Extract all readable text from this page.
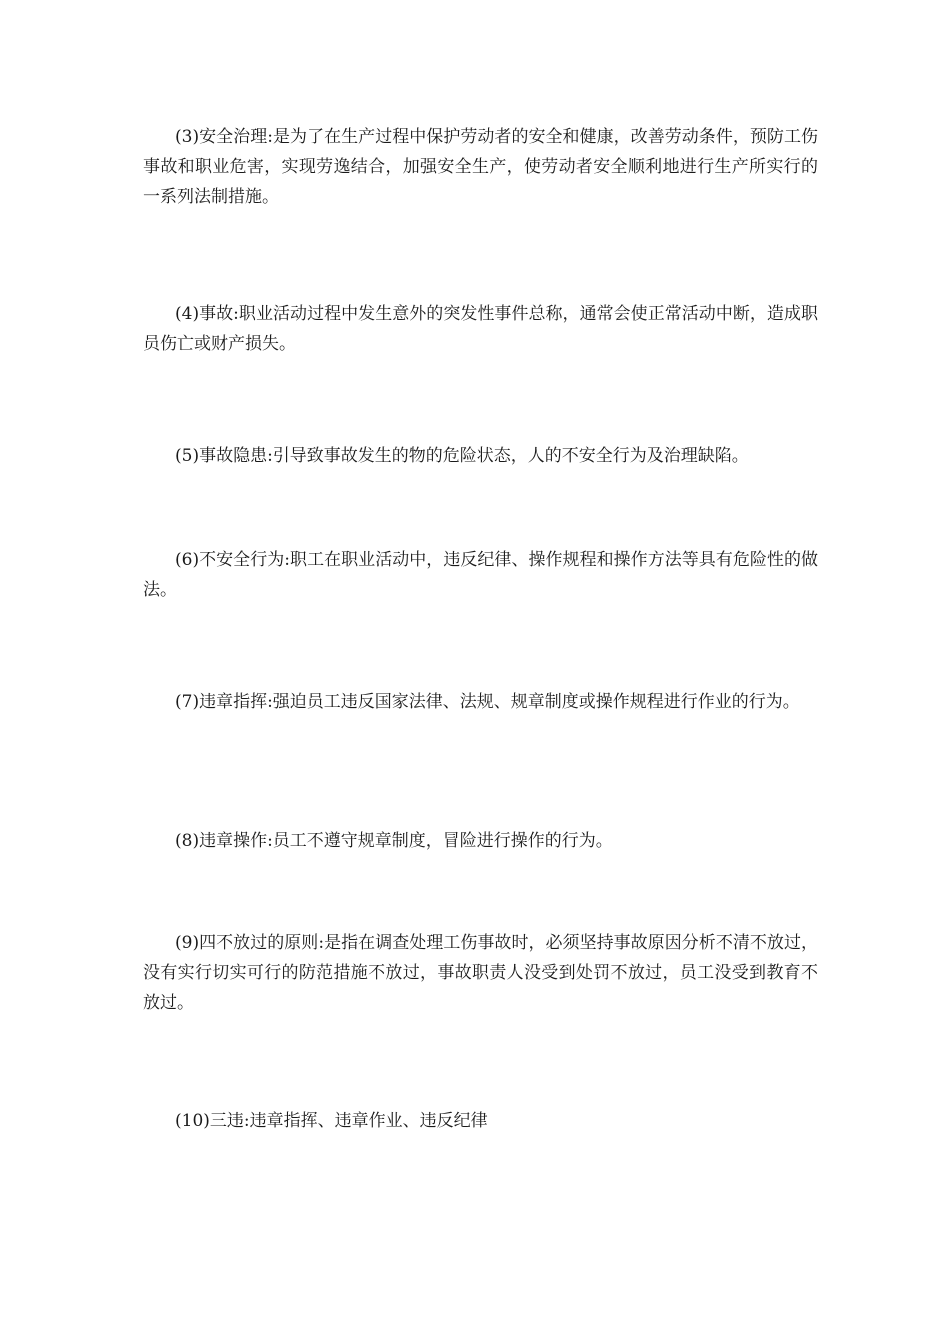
(3)安全治理:是为了在生产过程中保护劳动者的安全和健康，改善劳动条件，预防工伤事故和职业危害，实现劳逸结合，加强安全生产，使劳动者安全顺利地进行生产所实行的一系列法制措施。

(4)事故:职业活动过程中发生意外的突发性事件总称，通常会使正常活动中断，造成职员伤亡或财产损失。

(5)事故隐患:引导致事故发生的物的危险状态，人的不安全行为及治理缺陷。

(6)不安全行为:职工在职业活动中，违反纪律、操作规程和操作方法等具有危险性的做法。

(7)违章指挥:强迫员工违反国家法律、法规、规章制度或操作规程进行作业的行为。

(8)违章操作:员工不遵守规章制度，冒险进行操作的行为。

(9)四不放过的原则:是指在调查处理工伤事故时，必须坚持事故原因分析不清不放过，没有实行切实可行的防范措施不放过，事故职责人没受到处罚不放过，员工没受到教育不放过。

(10)三违:违章指挥、违章作业、违反纪律
